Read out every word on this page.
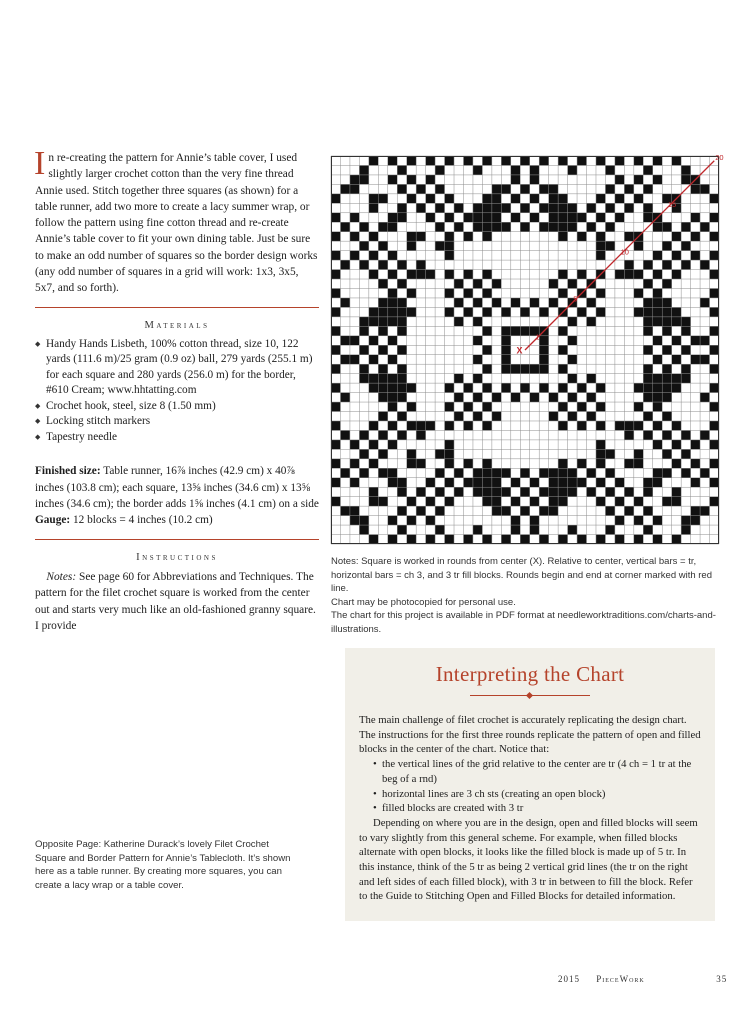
In re-creating the pattern for Annie’s table cover, I used slightly larger crochet cotton than the very fine thread Annie used. Stitch together three squares (as shown) for a table runner, add two more to create a lacy summer wrap, or follow the pattern using fine cotton thread and re-create Annie’s table cover to fit your own dining table. Just be sure to make an odd number of squares so the border design works (any odd number of squares in a grid will work: 1x3, 3x5, 5x7, and so forth).

Materials
◆ Handy Hands Lisbeth, 100% cotton thread, size 10, 122 yards (111.6 m)/25 gram (0.9 oz) ball, 279 yards (255.1 m) for each square and 280 yards (256.0 m) for the border, #610 Cream; www.hhtatting.com
◆ Crochet hook, steel, size 8 (1.50 mm)
◆ Locking stitch markers
◆ Tapestry needle

Finished size: Table runner, 16⅞ inches (42.9 cm) x 40⅞ inches (103.8 cm); each square, 13⅝ inches (34.6 cm) x 13⅝ inches (34.6 cm); the border adds 1⅝ inches (4.1 cm) on a side

Gauge: 12 blocks = 4 inches (10.2 cm)

Instructions

Notes: See page 60 for Abbreviations and Techniques. The pattern for the filet crochet square is worked from the center out and starts very much like an old-fashioned granny square. I provide

Opposite Page: Katherine Durack’s lovely Filet Crochet Square and Border Pattern for Annie’s Tablecloth. It’s shown here as a table runner. By creating more squares, you can create a lacy wrap or a table cover.
X
1
5
10
15
20

Notes: Square is worked in rounds from center (X). Relative to center, vertical bars = tr, horizontal bars = ch 3, and 3 tr fill blocks. Rounds begin and end at corner marked with red line.

Chart may be photocopied for personal use.

The chart for this project is available in PDF format at needleworktraditions.com/charts-and-illustrations.

Interpreting the Chart

The main challenge of filet crochet is accurately replicating the design chart. The instructions for the first three rounds replicate the pattern of open and filled blocks in the center of the chart. Notice that:

• the vertical lines of the grid relative to the center are tr (4 ch = 1 tr at the beg of a rnd)
• horizontal lines are 3 ch sts (creating an open block)
• filled blocks are created with 3 tr

Depending on where you are in the design, open and filled blocks will seem to vary slightly from this general scheme. For example, when filled blocks alternate with open blocks, it looks like the filled block is made up of 5 tr. In this instance, think of the 5 tr as being 2 vertical grid lines (the tr on the right and left sides of each filled block), with 3 tr in between to fill the block. Refer to the Guide to Stitching Open and Filled Blocks for detailed information.

2015 PieceWork	35
